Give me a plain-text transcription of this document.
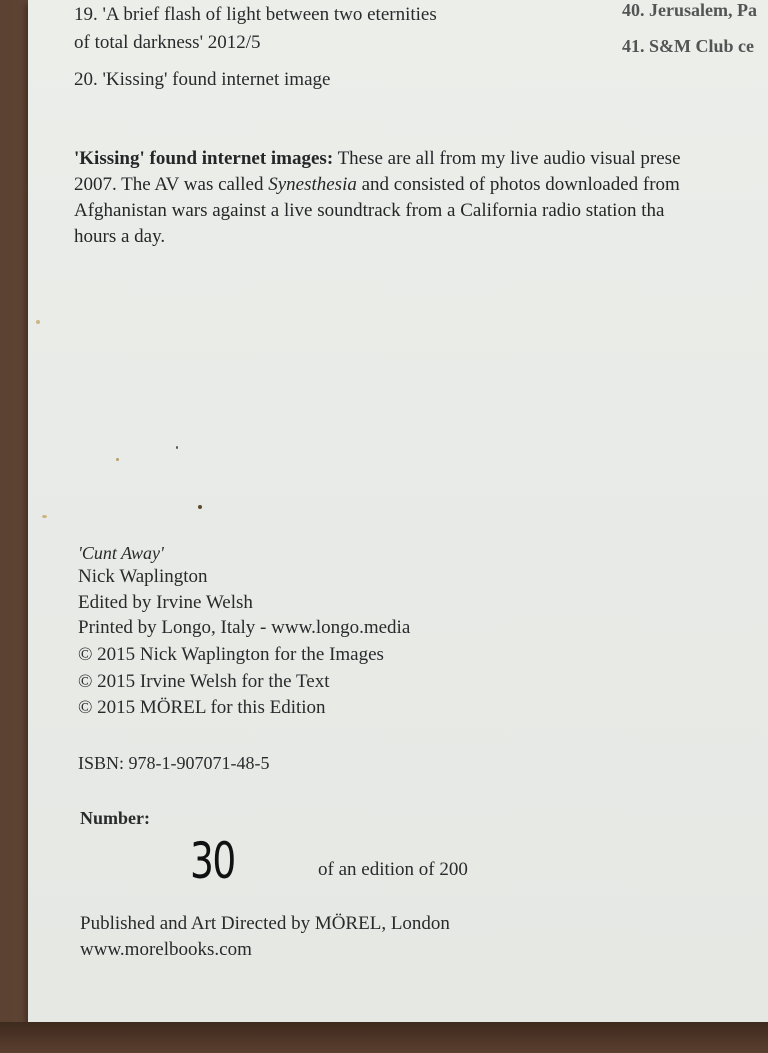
19. 'A brief flash of light between two eternities
of total darkness' 2012/5
20. 'Kissing' found internet image
40. Jerusalem, Pa
41. S&M Club ce
'Kissing' found internet images: These are all from my live audio visual prese
2007. The AV was called Synesthesia and consisted of photos downloaded from
Afghanistan wars against a live soundtrack from a California radio station tha
hours a day.
'Cunt Away'
Nick Waplington
Edited by Irvine Welsh
Printed by Longo, Italy - www.longo.media
© 2015 Nick Waplington for the Images
© 2015 Irvine Welsh for the Text
© 2015 MÖREL for this Edition
ISBN: 978-1-907071-48-5
Number:
30	of an edition of 200
Published and Art Directed by MÖREL, London
www.morelbooks.com
